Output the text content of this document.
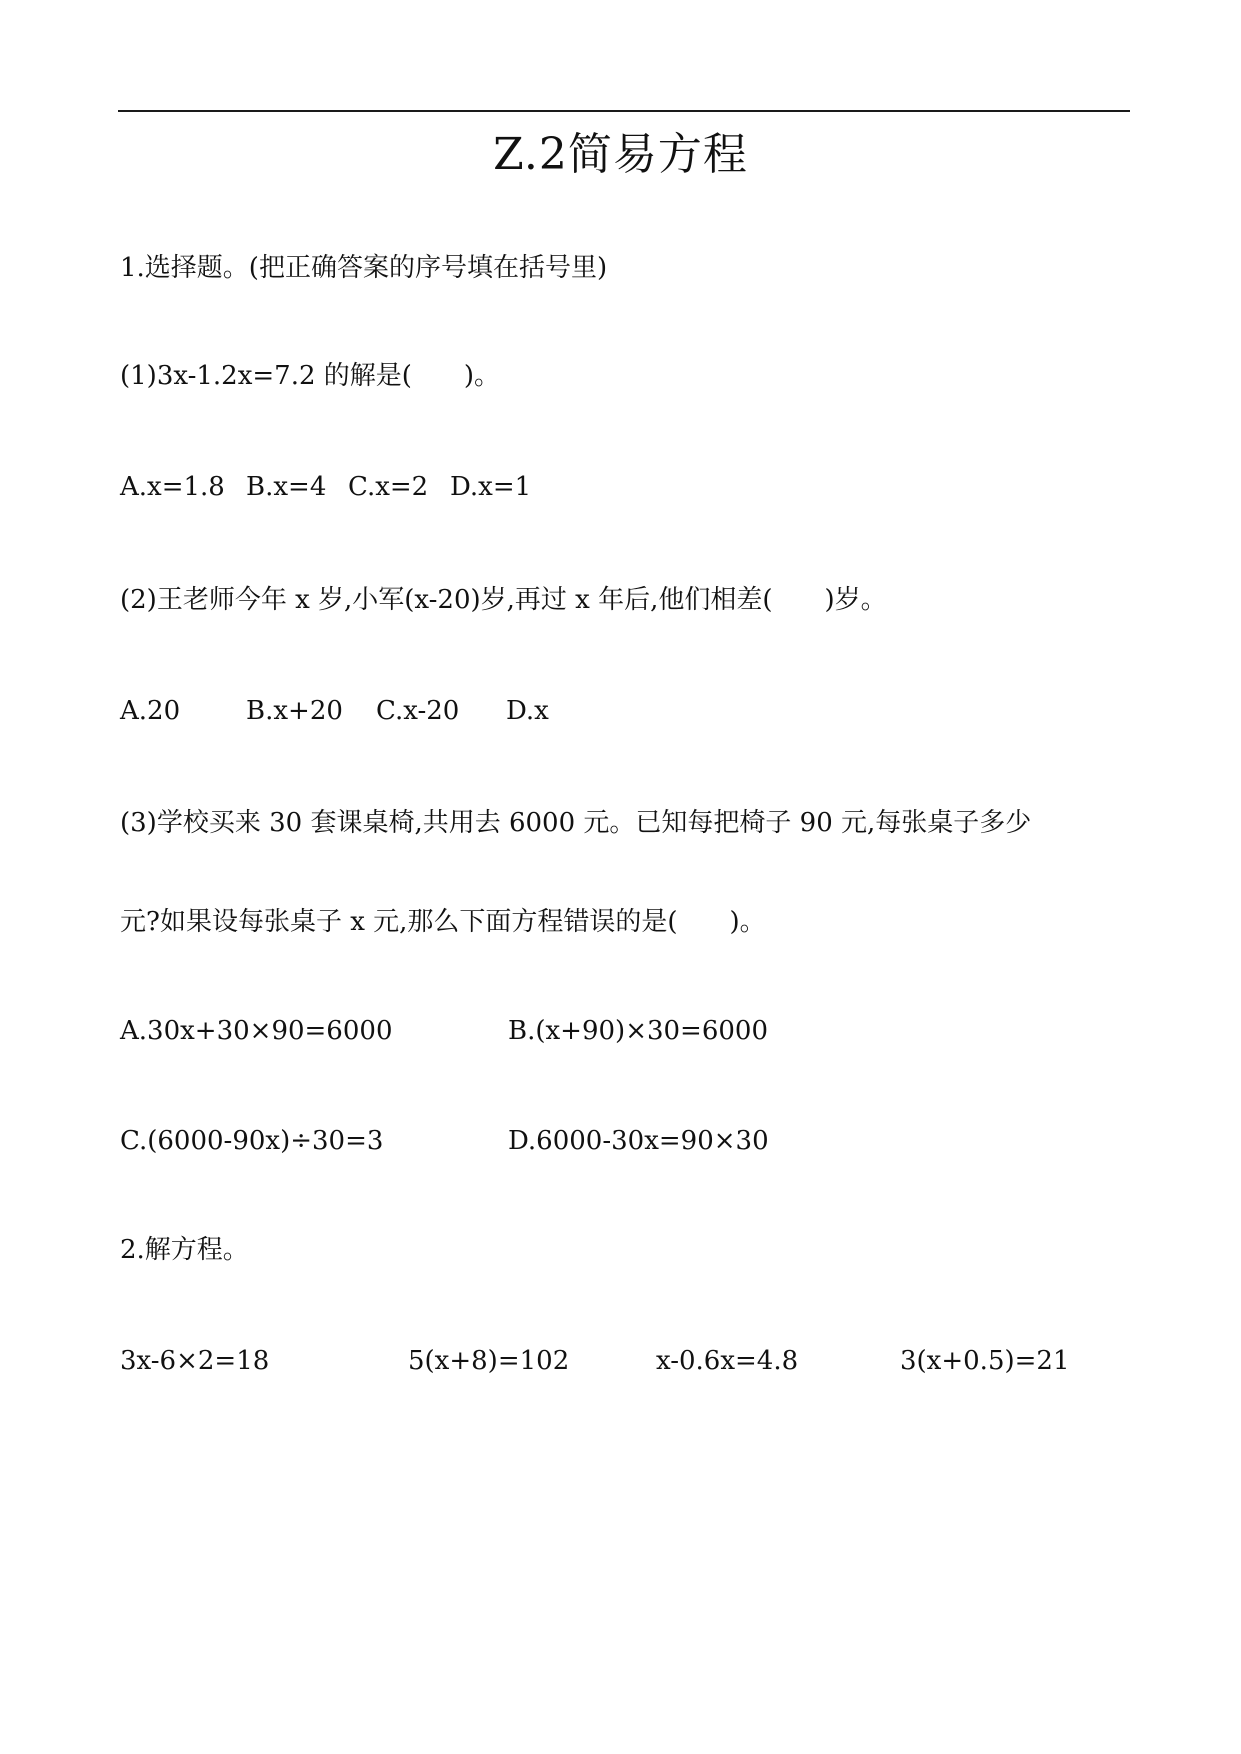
Z.2简易方程
1.选择题。(把正确答案的序号填在括号里)
(1)3x-1.2x=7.2 的解是(　　)。
A.x=1.8 B.x=4 C.x=2 D.x=1
(2)王老师今年 x 岁,小军(x-20)岁,再过 x 年后,他们相差(　　)岁。
A.20	B.x+20 C.x-20 D.x
(3)学校买来 30 套课桌椅,共用去 6000 元。已知每把椅子 90 元,每张桌子多少
元?如果设每张桌子 x 元,那么下面方程错误的是(　　)。
A.30x+30×90=6000	B.(x+90)×30=6000
C.(6000-90x)÷30=3	D.6000-30x=90×30
2.解方程。
3x-6×2=18	5(x+8)=102	x-0.6x=4.8	3(x+0.5)=21
